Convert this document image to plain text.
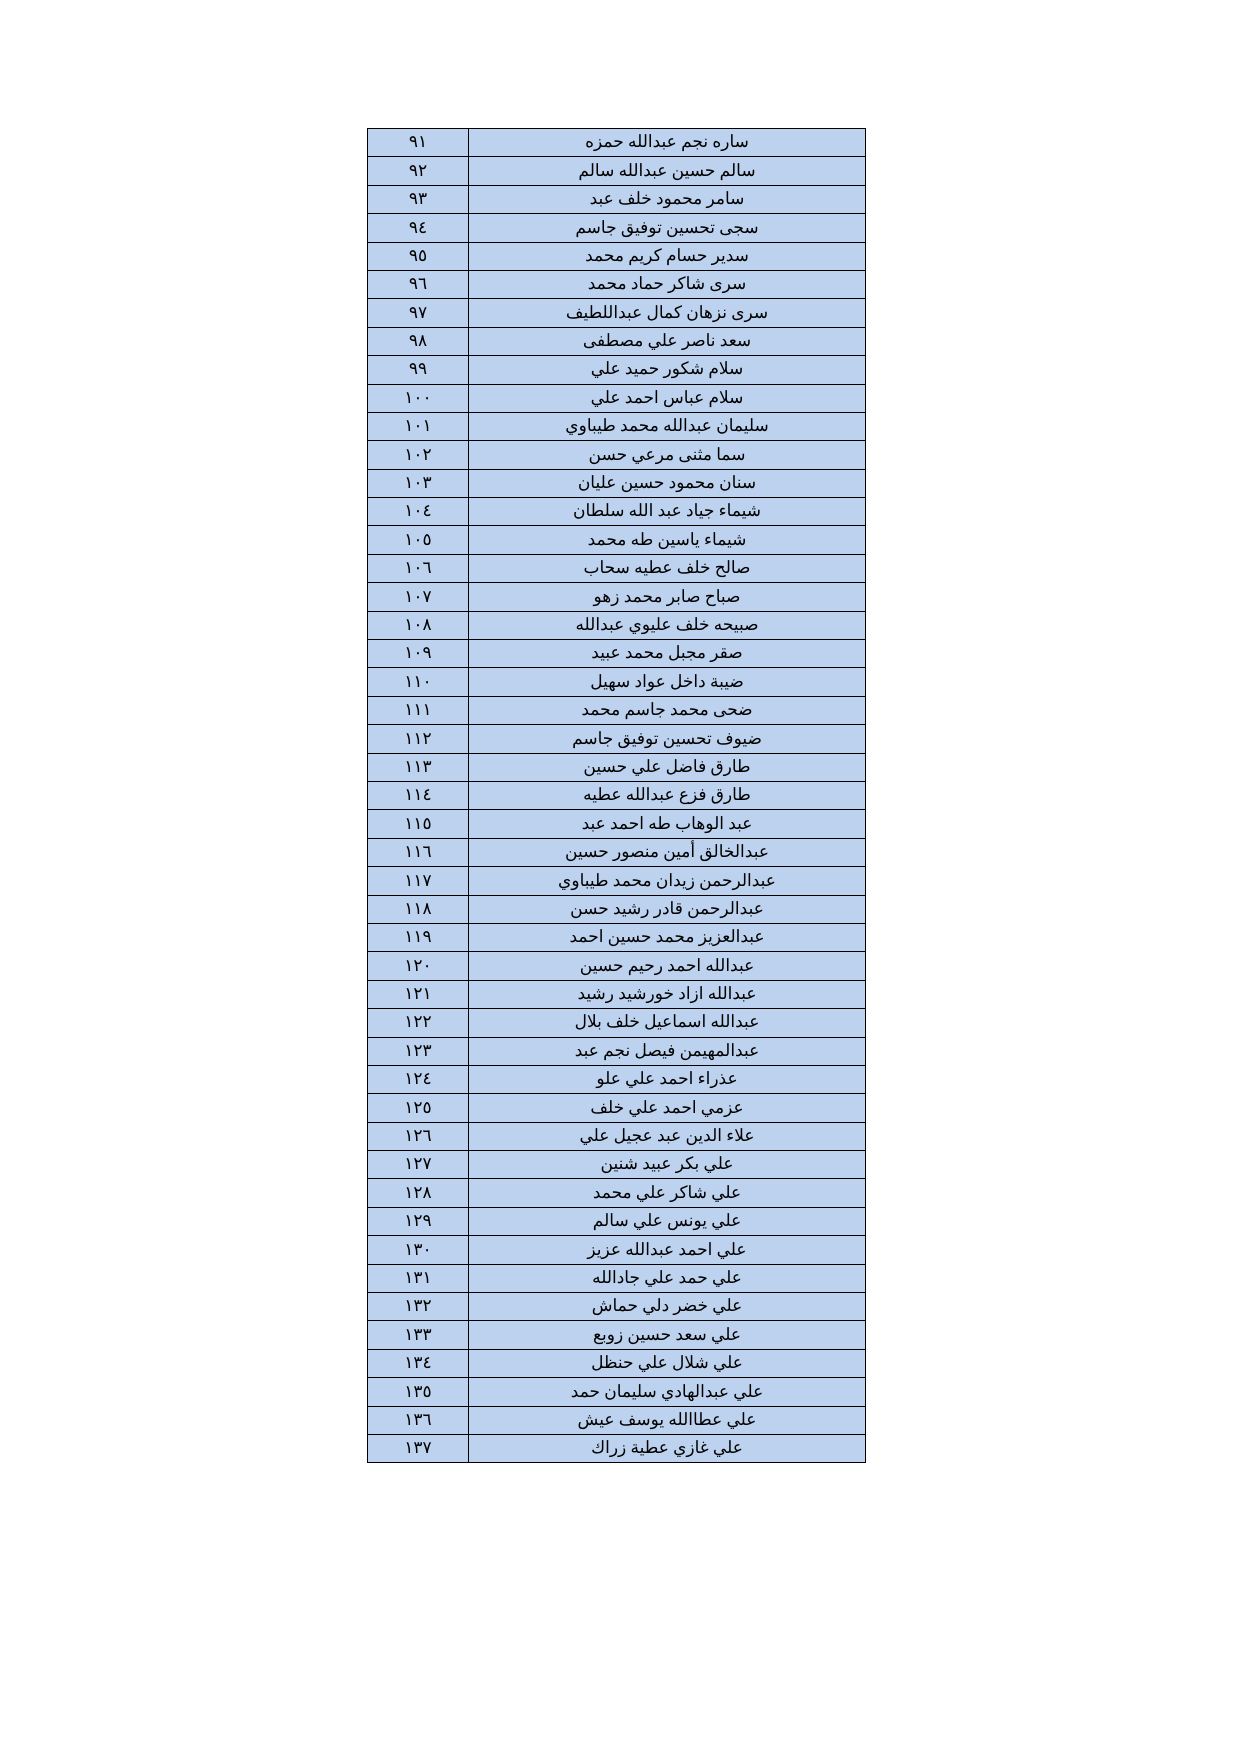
ساره نجم عبدالله حمزه	٩١
سالم حسين عبدالله سالم	٩٢
سامر محمود خلف عبد	٩٣
سجى تحسين توفيق جاسم	٩٤
سدير حسام كريم محمد	٩٥
سرى شاكر حماد محمد	٩٦
سرى نزهان كمال عبداللطيف	٩٧
سعد ناصر علي مصطفى	٩٨
سلام شكور حميد علي	٩٩
سلام عباس احمد علي	١٠٠
سليمان عبدالله محمد طيباوي	١٠١
سما مثنى مرعي حسن	١٠٢
سنان محمود حسين عليان	١٠٣
شيماء جياد عبد الله سلطان	١٠٤
شيماء ياسين طه محمد	١٠٥
صالح خلف عطيه سحاب	١٠٦
صباح صابر محمد زهو	١٠٧
صبيحه خلف عليوي عبدالله	١٠٨
صقر مجبل محمد عبيد	١٠٩
ضيبة داخل عواد سهيل	١١٠
ضحى محمد جاسم محمد	١١١
ضيوف تحسين توفيق جاسم	١١٢
طارق فاضل علي حسين	١١٣
طارق فزع عبدالله عطيه	١١٤
عبد الوهاب طه احمد عبد	١١٥
عبدالخالق أمين منصور حسين	١١٦
عبدالرحمن زيدان محمد طيباوي	١١٧
عبدالرحمن قادر رشيد حسن	١١٨
عبدالعزيز محمد حسين احمد	١١٩
عبدالله احمد رحيم حسين	١٢٠
عبدالله ازاد خورشيد رشيد	١٢١
عبدالله اسماعيل خلف بلال	١٢٢
عبدالمهيمن فيصل نجم عبد	١٢٣
عذراء احمد علي علو	١٢٤
عزمي احمد علي خلف	١٢٥
علاء الدين عبد عجيل علي	١٢٦
علي بكر عبيد شنين	١٢٧
علي شاكر علي محمد	١٢٨
علي يونس علي سالم	١٢٩
علي احمد عبدالله عزيز	١٣٠
علي حمد علي جادالله	١٣١
علي خضر دلي حماش	١٣٢
علي سعد حسين زوبع	١٣٣
علي شلال علي حنظل	١٣٤
علي عبدالهادي سليمان حمد	١٣٥
علي عطاالله يوسف عيش	١٣٦
علي غازي عطية زراك	١٣٧
